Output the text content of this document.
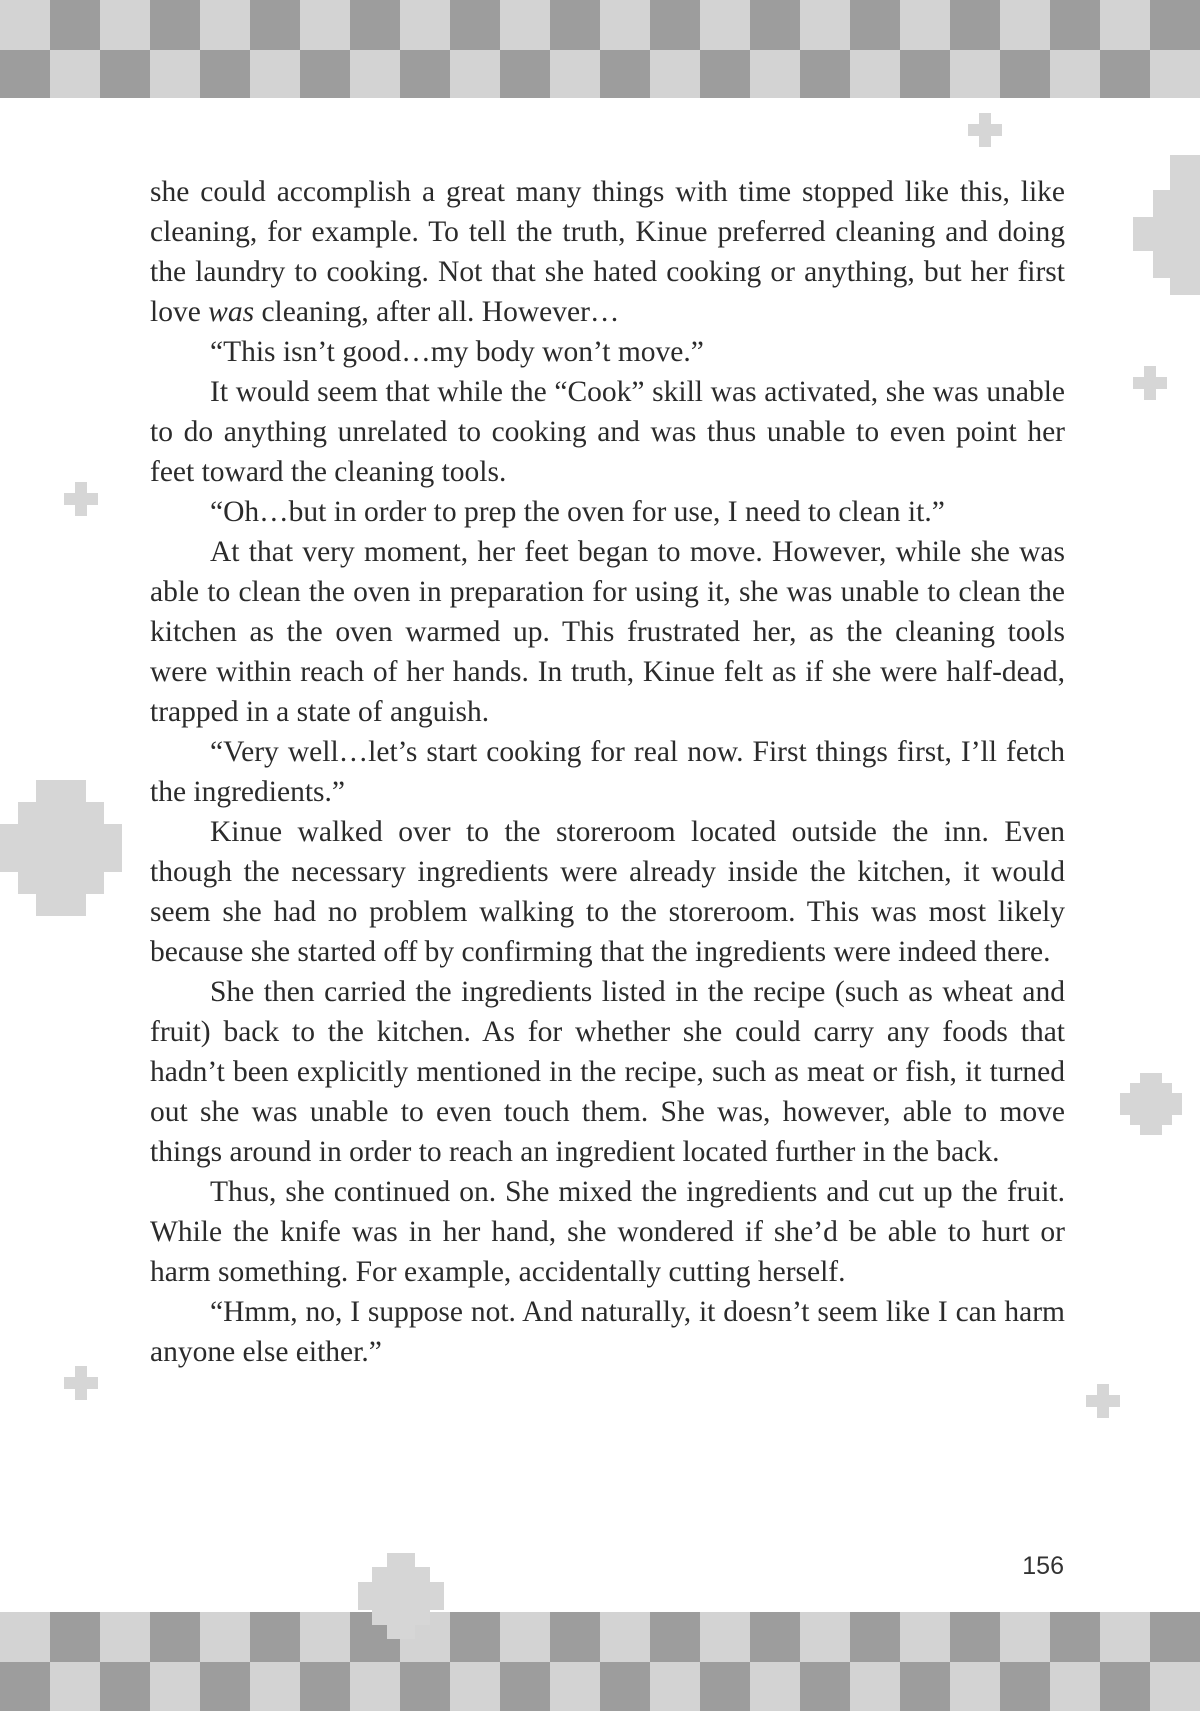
she could accomplish a great many things with time stopped like this, like cleaning, for example. To tell the truth, Kinue preferred cleaning and doing the laundry to cooking. Not that she hated cooking or anything, but her first love was cleaning, after all. However…

“This isn’t good…my body won’t move.”

It would seem that while the “Cook” skill was activated, she was unable to do anything unrelated to cooking and was thus unable to even point her feet toward the cleaning tools.

“Oh…but in order to prep the oven for use, I need to clean it.”

At that very moment, her feet began to move. However, while she was able to clean the oven in preparation for using it, she was unable to clean the kitchen as the oven warmed up. This frustrated her, as the cleaning tools were within reach of her hands. In truth, Kinue felt as if she were half-dead, trapped in a state of anguish.

“Very well…let’s start cooking for real now. First things first, I’ll fetch the ingredients.”

Kinue walked over to the storeroom located outside the inn. Even though the necessary ingredients were already inside the kitchen, it would seem she had no problem walking to the storeroom. This was most likely because she started off by confirming that the ingredients were indeed there.

She then carried the ingredients listed in the recipe (such as wheat and fruit) back to the kitchen. As for whether she could carry any foods that hadn’t been explicitly mentioned in the recipe, such as meat or fish, it turned out she was unable to even touch them. She was, however, able to move things around in order to reach an ingredient located further in the back.

Thus, she continued on. She mixed the ingredients and cut up the fruit. While the knife was in her hand, she wondered if she’d be able to hurt or harm something. For example, accidentally cutting herself.

“Hmm, no, I suppose not. And naturally, it doesn’t seem like I can harm anyone else either.”

156
